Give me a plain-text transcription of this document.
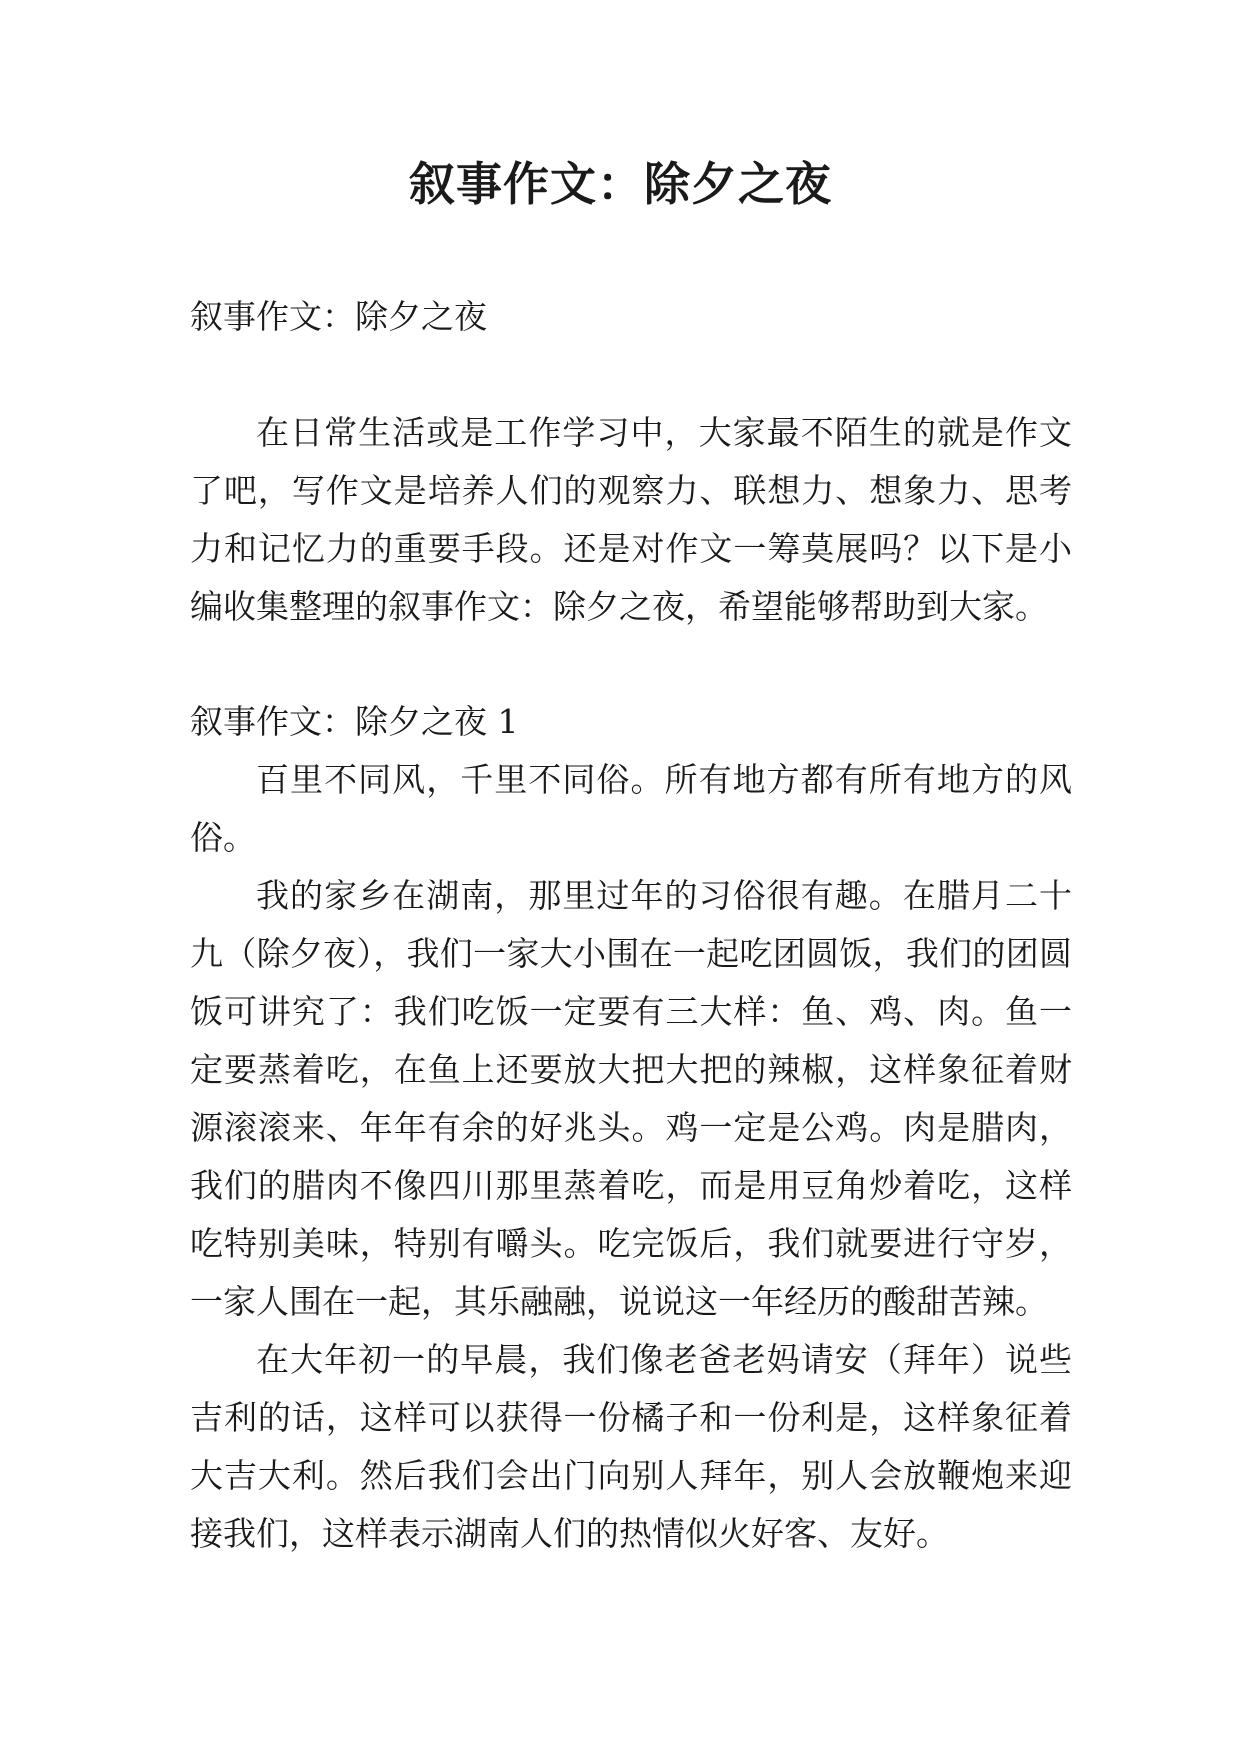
叙事作文：除夕之夜

叙事作文：除夕之夜

在日常生活或是工作学习中，大家最不陌生的就是作文了吧，写作文是培养人们的观察力、联想力、想象力、思考力和记忆力的重要手段。还是对作文一筹莫展吗？以下是小编收集整理的叙事作文：除夕之夜，希望能够帮助到大家。

叙事作文：除夕之夜 1

百里不同风，千里不同俗。所有地方都有所有地方的风俗。

我的家乡在湖南，那里过年的习俗很有趣。在腊月二十九（除夕夜），我们一家大小围在一起吃团圆饭，我们的团圆饭可讲究了：我们吃饭一定要有三大样：鱼、鸡、肉。鱼一定要蒸着吃，在鱼上还要放大把大把的辣椒，这样象征着财源滚滚来、年年有余的好兆头。鸡一定是公鸡。肉是腊肉，我们的腊肉不像四川那里蒸着吃，而是用豆角炒着吃，这样吃特别美味，特别有嚼头。吃完饭后，我们就要进行守岁，一家人围在一起，其乐融融，说说这一年经历的酸甜苦辣。

在大年初一的早晨，我们像老爸老妈请安（拜年）说些吉利的话，这样可以获得一份橘子和一份利是，这样象征着大吉大利。然后我们会出门向别人拜年，别人会放鞭炮来迎接我们，这样表示湖南人们的热情似火好客、友好。
